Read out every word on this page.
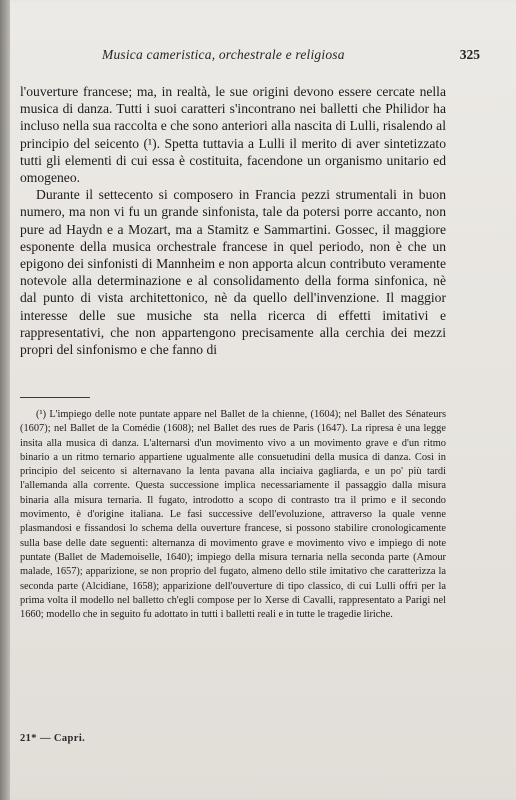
Musica cameristica, orchestrale e religiosa	325

l'ouverture francese; ma, in realtà, le sue origini devono essere cercate nella musica di danza. Tutti i suoi caratteri s'incontrano nei balletti che Philidor ha incluso nella sua raccolta e che sono anteriori alla nascita di Lulli, risalendo al principio del seicento (¹). Spetta tuttavia a Lulli il merito di aver sintetizzato tutti gli elementi di cui essa è costituita, facendone un organismo unitario ed omogeneo.

Durante il settecento si composero in Francia pezzi strumentali in buon numero, ma non vi fu un grande sinfonista, tale da potersi porre accanto, non pure ad Haydn e a Mozart, ma a Stamitz e Sammartini. Gossec, il maggiore esponente della musica orchestrale francese in quel periodo, non è che un epigono dei sinfonisti di Mannheim e non apporta alcun contributo veramente notevole alla determinazione e al consolidamento della forma sinfonica, nè dal punto di vista architettonico, nè da quello dell'invenzione. Il maggior interesse delle sue musiche sta nella ricerca di effetti imitativi e rappresentativi, che non appartengono precisamente alla cerchia dei mezzi propri del sinfonismo e che fanno di

(¹) L'impiego delle note puntate appare nel Ballet de la chienne, (1604); nel Ballet des Sénateurs (1607); nel Ballet de la Comédie (1608); nel Ballet des rues de Paris (1647). La ripresa è una legge insita alla musica di danza. L'alternarsi d'un movimento vivo a un movimento grave e d'un ritmo binario a un ritmo ternario appartiene ugualmente alle consuetudini della musica di danza. Così in principio del seicento si alternavano la lenta pavana alla inciaiva gagliarda, e un po' più tardi l'allemanda alla corrente. Questa successione implica necessariamente il passaggio dalla misura binaria alla misura ternaria. Il fugato, introdotto a scopo di contrasto tra il primo e il secondo movimento, è d'origine italiana. Le fasi successive dell'evoluzione, attraverso la quale venne plasmandosi e fissandosi lo schema della ouverture francese, si possono stabilire cronologicamente sulla base delle date seguenti: alternanza di movimento grave e movimento vivo e impiego di note puntate (Ballet de Mademoiselle, 1640); impiego della misura ternaria nella seconda parte (Amour malade, 1657); apparizione, se non proprio del fugato, almeno dello stile imitativo che caratterizza la seconda parte (Alcidiane, 1658); apparizione dell'ouverture di tipo classico, di cui Lulli offrì per la prima volta il modello nel balletto ch'egli compose per lo Xerse di Cavalli, rappresentato a Parigi nel 1660; modello che in seguito fu adottato in tutti i balletti reali e in tutte le tragedie liriche.
21* — Capri.
